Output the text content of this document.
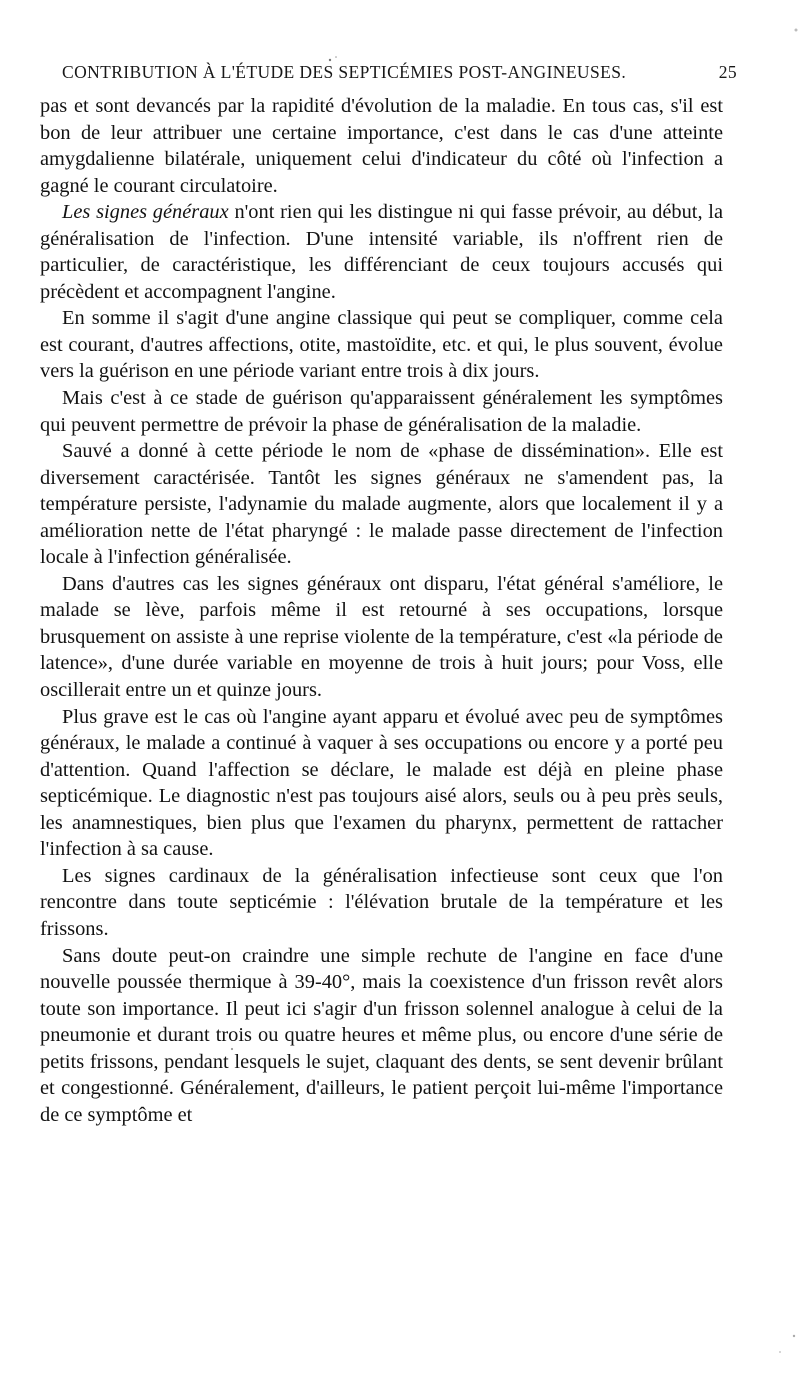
CONTRIBUTION À L'ÉTUDE DES SEPTICÉMIES POST-ANGINEUSES.	25

pas et sont devancés par la rapidité d'évolution de la maladie. En tous cas, s'il est bon de leur attribuer une certaine importance, c'est dans le cas d'une atteinte amygdalienne bilatérale, uniquement celui d'indicateur du côté où l'infection a gagné le courant circulatoire.

Les signes généraux n'ont rien qui les distingue ni qui fasse prévoir, au début, la généralisation de l'infection. D'une intensité variable, ils n'offrent rien de particulier, de caractéristique, les différenciant de ceux toujours accusés qui précèdent et accompagnent l'angine.

En somme il s'agit d'une angine classique qui peut se compliquer, comme cela est courant, d'autres affections, otite, mastoïdite, etc. et qui, le plus souvent, évolue vers la guérison en une période variant entre trois à dix jours.

Mais c'est à ce stade de guérison qu'apparaissent généralement les symptômes qui peuvent permettre de prévoir la phase de généralisation de la maladie.

Sauvé a donné à cette période le nom de «phase de dissémination». Elle est diversement caractérisée. Tantôt les signes généraux ne s'amendent pas, la température persiste, l'adynamie du malade augmente, alors que localement il y a amélioration nette de l'état pharyngé : le malade passe directement de l'infection locale à l'infection généralisée.

Dans d'autres cas les signes généraux ont disparu, l'état général s'améliore, le malade se lève, parfois même il est retourné à ses occupations, lorsque brusquement on assiste à une reprise violente de la température, c'est «la période de latence», d'une durée variable en moyenne de trois à huit jours; pour Voss, elle oscillerait entre un et quinze jours.

Plus grave est le cas où l'angine ayant apparu et évolué avec peu de symptômes généraux, le malade a continué à vaquer à ses occupations ou encore y a porté peu d'attention. Quand l'affection se déclare, le malade est déjà en pleine phase septicémique. Le diagnostic n'est pas toujours aisé alors, seuls ou à peu près seuls, les anamnestiques, bien plus que l'examen du pharynx, permettent de rattacher l'infection à sa cause.

Les signes cardinaux de la généralisation infectieuse sont ceux que l'on rencontre dans toute septicémie : l'élévation brutale de la température et les frissons.

Sans doute peut-on craindre une simple rechute de l'angine en face d'une nouvelle poussée thermique à 39-40°, mais la coexistence d'un frisson revêt alors toute son importance. Il peut ici s'agir d'un frisson solennel analogue à celui de la pneumonie et durant trois ou quatre heures et même plus, ou encore d'une série de petits frissons, pendant lesquels le sujet, claquant des dents, se sent devenir brûlant et congestionné. Généralement, d'ailleurs, le patient perçoit lui-même l'importance de ce symptôme et
